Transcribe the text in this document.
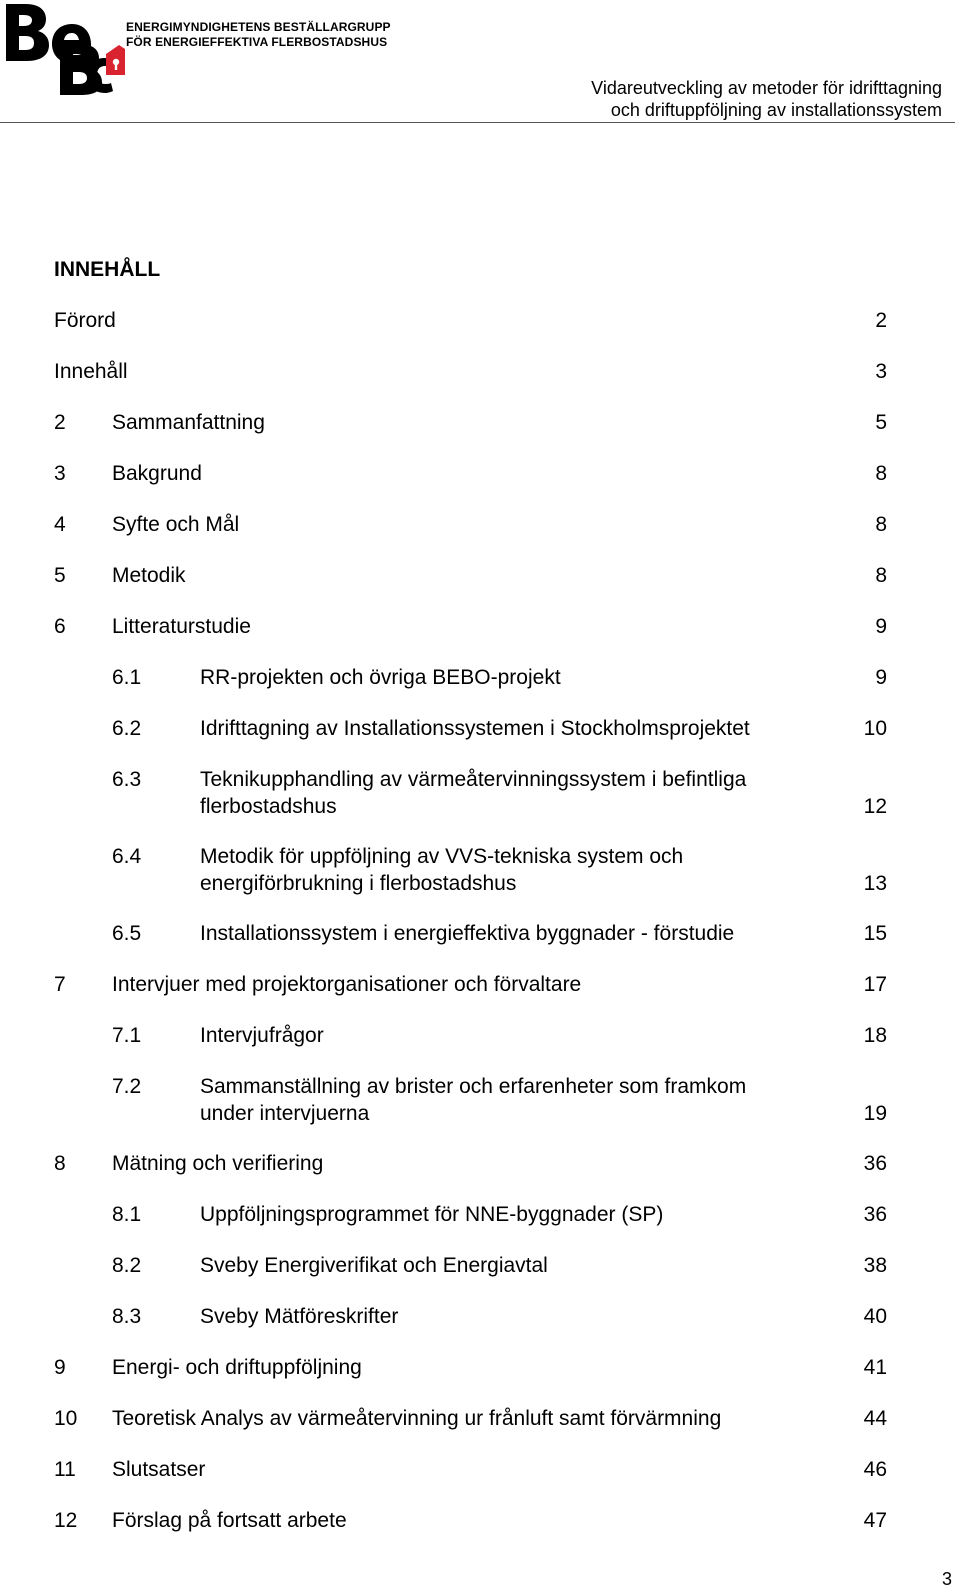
ENERGIMYNDIGHETENS BESTÄLLARGRUPP
FÖR ENERGIEFFEKTIVA FLERBOSTADSHUS
Vidareutveckling av metoder för idrifttagning
och driftuppföljning av installationssystem
INNEHÅLL
Förord	2
Innehåll	3
2 Sammanfattning	5
3 Bakgrund	8
4 Syfte och Mål	8
5 Metodik	8
6 Litteraturstudie	9
6.1	RR-projekten och övriga BEBO-projekt	9
6.2	Idrifttagning av Installationssystemen i Stockholmsprojektet	10
6.3	Teknikupphandling av värmeåtervinningssystem i befintliga
flerbostadshus	12
6.4	Metodik för uppföljning av VVS-tekniska system och
energiförbrukning i flerbostadshus	13
6.5	Installationssystem i energieffektiva byggnader - förstudie	15
7 Intervjuer med projektorganisationer och förvaltare	17
7.1	Intervjufrågor	18
7.2	Sammanställning av brister och erfarenheter som framkom
under intervjuerna	19
8 Mätning och verifiering	36
8.1	Uppföljningsprogrammet för NNE-byggnader (SP)	36
8.2	Sveby Energiverifikat och Energiavtal	38
8.3	Sveby Mätföreskrifter	40
9 Energi- och driftuppföljning	41
10 Teoretisk Analys av värmeåtervinning ur frånluft samt förvärmning	44
11 Slutsatser	46
12 Förslag på fortsatt arbete	47
3
